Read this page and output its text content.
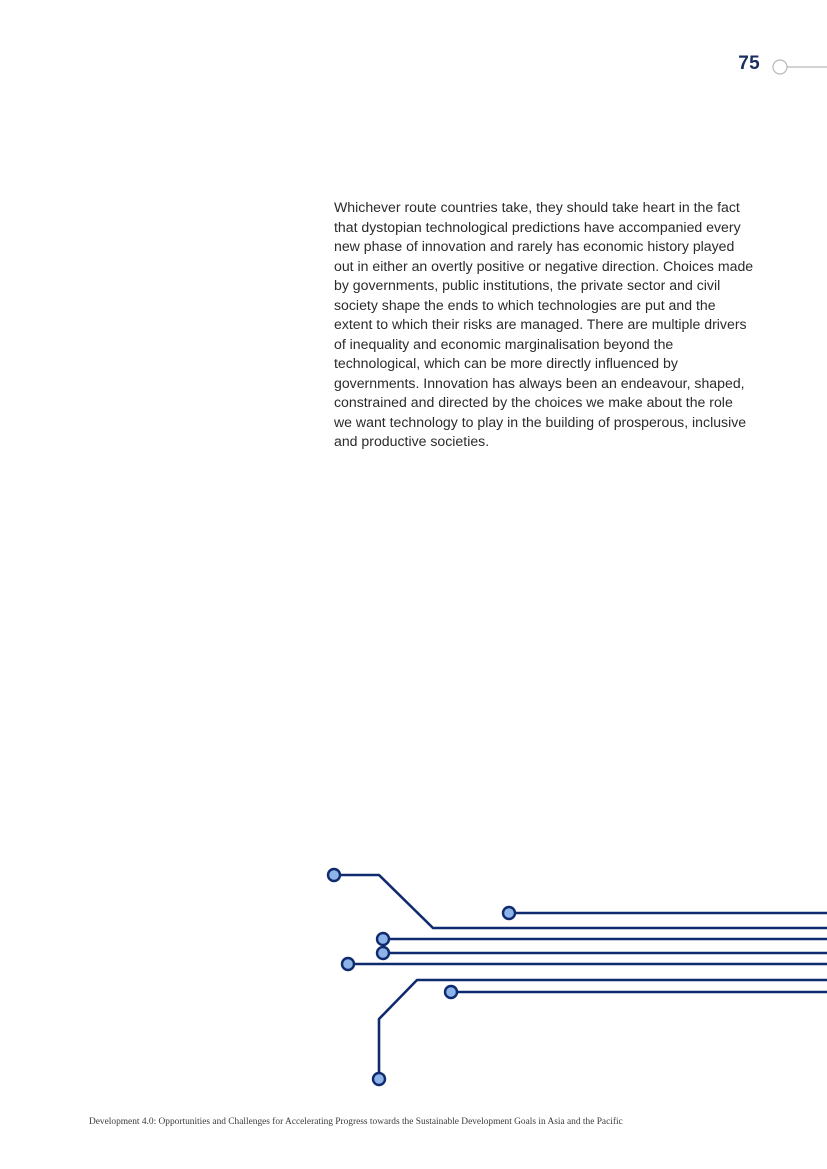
75

Whichever route countries take, they should take heart in the fact that dystopian technological predictions have accompanied every new phase of innovation and rarely has economic history played out in either an overtly positive or negative direction. Choices made by governments, public institutions, the private sector and civil society shape the ends to which technologies are put and the extent to which their risks are managed. There are multiple drivers of inequality and economic marginalisation beyond the technological, which can be more directly influenced by governments. Innovation has always been an endeavour, shaped, constrained and directed by the choices we make about the role we want technology to play in the building of prosperous, inclusive and productive societies.

Development 4.0: Opportunities and Challenges for Accelerating Progress towards the Sustainable Development Goals in Asia and the Pacific
